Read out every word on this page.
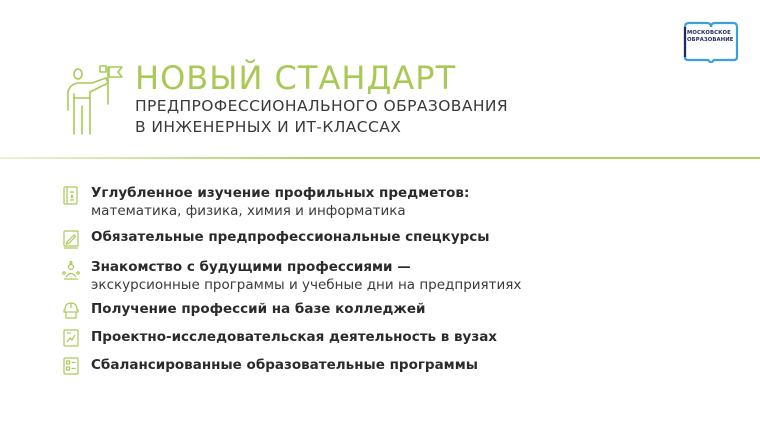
МОСКОВСКОЕ
ОБРАЗОВАНИЕ
НОВЫЙ СТАНДАРТ
ПРЕДПРОФЕССИОНАЛЬНОГО ОБРАЗОВАНИЯ
В ИНЖЕНЕРНЫХ И ИТ-КЛАССАХ
Углубленное изучение профильных предметов:
математика, физика, химия и информатика
Обязательные предпрофессиональные спецкурсы
Знакомство с будущими профессиями —
экскурсионные программы и учебные дни на предприятиях
Получение профессий на базе колледжей
Проектно-исследовательская деятельность в вузах
Сбалансированные образовательные программы
